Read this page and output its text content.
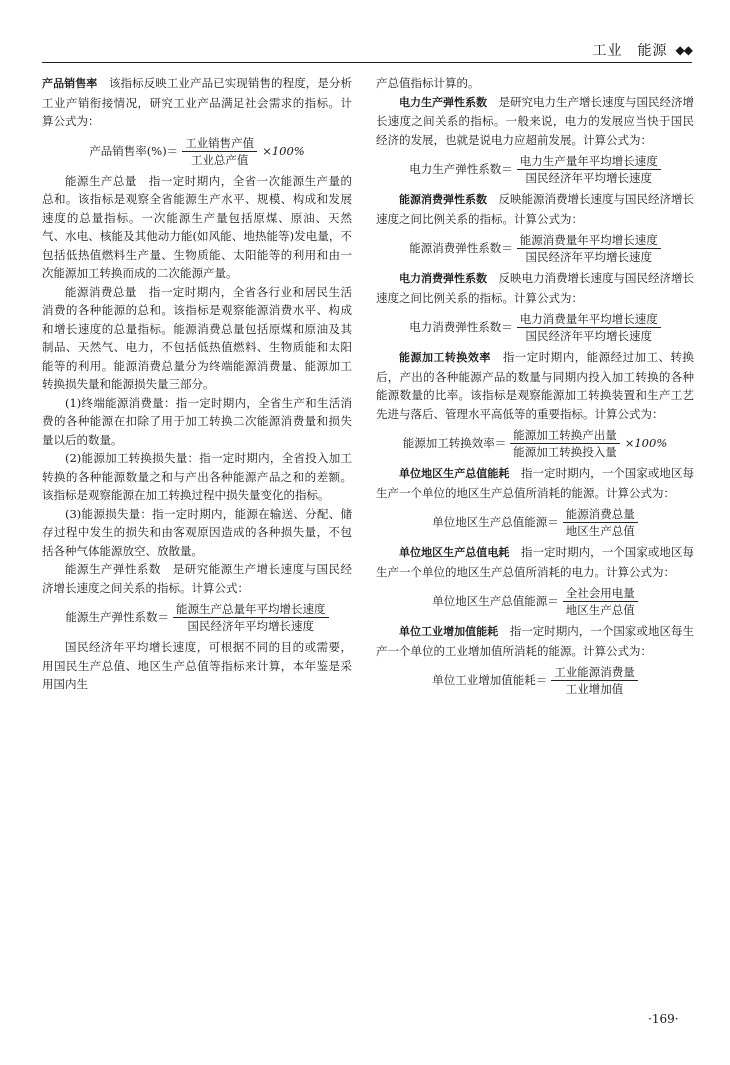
工业　能源 ◆◆

产品销售率　该指标反映工业产品已实现销售的程度，是分析工业产销衔接情况，研究工业产品满足社会需求的指标。计算公式为：

产品销售率(%)＝ $\frac{\text{工业销售产值}}{\text{工业总产值}} \times 100\%$

能源生产总量　指一定时期内，全省一次能源生产量的总和。该指标是观察全省能源生产水平、规模、构成和发展速度的总量指标。一次能源生产量包括原煤、原油、天然气、水电、核能及其他动力能(如风能、地热能等)发电量，不包括低热值燃料生产量、生物质能、太阳能等的利用和由一次能源加工转换而成的二次能源产量。

能源消费总量　指一定时期内，全省各行业和居民生活消费的各种能源的总和。该指标是观察能源消费水平、构成和增长速度的总量指标。能源消费总量包括原煤和原油及其制品、天然气、电力，不包括低热值燃料、生物质能和太阳能等的利用。能源消费总量分为终端能源消费量、能源加工转换损失量和能源损失量三部分。

(1)终端能源消费量：指一定时期内，全省生产和生活消费的各种能源在扣除了用于加工转换二次能源消费量和损失量以后的数量。

(2)能源加工转换损失量：指一定时期内，全省投入加工转换的各种能源数量之和与产出各种能源产品之和的差额。该指标是观察能源在加工转换过程中损失量变化的指标。

(3)能源损失量：指一定时期内，能源在输送、分配、储存过程中发生的损失和由客观原因造成的各种损失量，不包括各种气体能源放空、放散量。

能源生产弹性系数　是研究能源生产增长速度与国民经济增长速度之间关系的指标。计算公式：

能源生产弹性系数＝ $\frac{\text{能源生产总量年平均增长速度}}{\text{国民经济年平均增长速度}}$

国民经济年平均增长速度，可根据不同的目的或需要，用国民生产总值、地区生产总值等指标来计算，本年鉴是采用国内生

产总值指标计算的。

电力生产弹性系数　是研究电力生产增长速度与国民经济增长速度之间关系的指标。一般来说，电力的发展应当快于国民经济的发展，也就是说电力应超前发展。计算公式为：

电力生产弹性系数＝ $\frac{\text{电力生产量年平均增长速度}}{\text{国民经济年平均增长速度}}$

能源消费弹性系数　反映能源消费增长速度与国民经济增长速度之间比例关系的指标。计算公式为：

能源消费弹性系数＝ $\frac{\text{能源消费量年平均增长速度}}{\text{国民经济年平均增长速度}}$

电力消费弹性系数　反映电力消费增长速度与国民经济增长速度之间比例关系的指标。计算公式为：

电力消费弹性系数＝ $\frac{\text{电力消费量年平均增长速度}}{\text{国民经济年平均增长速度}}$

能源加工转换效率　指一定时期内，能源经过加工、转换后，产出的各种能源产品的数量与同期内投入加工转换的各种能源数量的比率。该指标是观察能源加工转换装置和生产工艺先进与落后、管理水平高低等的重要指标。计算公式为：

能源加工转换效率＝ $\frac{\text{能源加工转换产出量}}{\text{能源加工转换投入量}} \times 100\%$

单位地区生产总值能耗　指一定时期内，一个国家或地区每生产一个单位的地区生产总值所消耗的能源。计算公式为：

单位地区生产总值能源＝ $\frac{\text{能源消费总量}}{\text{地区生产总值}}$

单位地区生产总值电耗　指一定时期内，一个国家或地区每生产一个单位的地区生产总值所消耗的电力。计算公式为：

单位地区生产总值能源＝ $\frac{\text{全社会用电量}}{\text{地区生产总值}}$

单位工业增加值能耗　指一定时期内，一个国家或地区每生产一个单位的工业增加值所消耗的能源。计算公式为：

单位工业增加值能耗＝ $\frac{\text{工业能源消费量}}{\text{工业增加值}}$
·169·
